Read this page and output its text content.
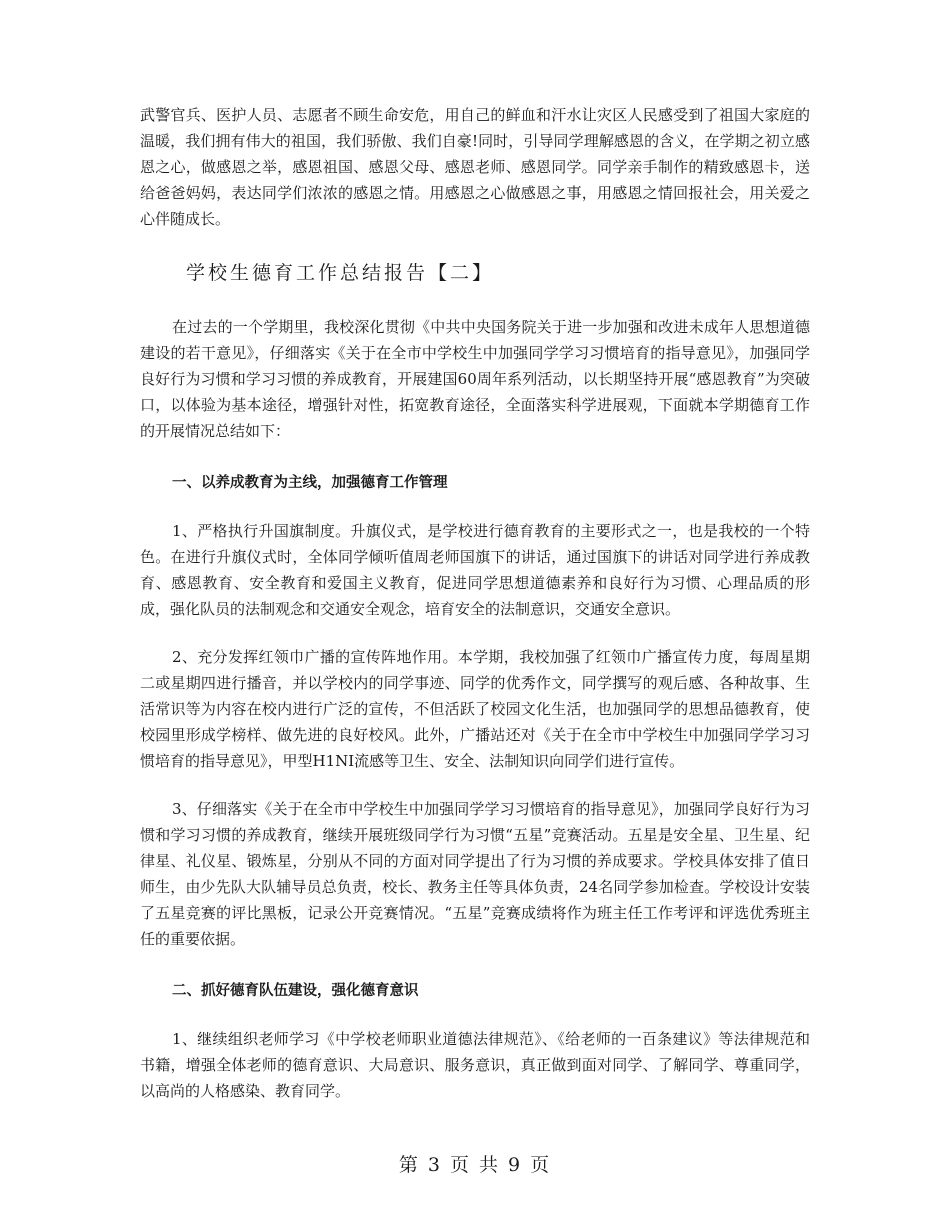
武警官兵、医护人员、志愿者不顾生命安危，用自己的鲜血和汗水让灾区人民感受到了祖国大家庭的温暖，我们拥有伟大的祖国，我们骄傲、我们自豪!同时，引导同学理解感恩的含义，在学期之初立感恩之心，做感恩之举，感恩祖国、感恩父母、感恩老师、感恩同学。同学亲手制作的精致感恩卡，送给爸爸妈妈，表达同学们浓浓的感恩之情。用感恩之心做感恩之事，用感恩之情回报社会，用关爱之心伴随成长。

学校生德育工作总结报告【二】

在过去的一个学期里，我校深化贯彻《中共中央国务院关于进一步加强和改进未成年人思想道德建设的若干意见》，仔细落实《关于在全市中学校生中加强同学学习习惯培育的指导意见》，加强同学良好行为习惯和学习习惯的养成教育，开展建国60周年系列活动，以长期坚持开展“感恩教育”为突破口，以体验为基本途径，增强针对性，拓宽教育途径，全面落实科学进展观，下面就本学期德育工作的开展情况总结如下：

一、以养成教育为主线，加强德育工作管理

1、严格执行升国旗制度。升旗仪式，是学校进行德育教育的主要形式之一，也是我校的一个特色。在进行升旗仪式时，全体同学倾听值周老师国旗下的讲话，通过国旗下的讲话对同学进行养成教育、感恩教育、安全教育和爱国主义教育，促进同学思想道德素养和良好行为习惯、心理品质的形成，强化队员的法制观念和交通安全观念，培育安全的法制意识，交通安全意识。

2、充分发挥红领巾广播的宣传阵地作用。本学期，我校加强了红领巾广播宣传力度，每周星期二或星期四进行播音，并以学校内的同学事迹、同学的优秀作文，同学撰写的观后感、各种故事、生活常识等为内容在校内进行广泛的宣传，不但活跃了校园文化生活，也加强同学的思想品德教育，使校园里形成学榜样、做先进的良好校风。此外，广播站还对《关于在全市中学校生中加强同学学习习惯培育的指导意见》，甲型H1NI流感等卫生、安全、法制知识向同学们进行宣传。

3、仔细落实《关于在全市中学校生中加强同学学习习惯培育的指导意见》，加强同学良好行为习惯和学习习惯的养成教育，继续开展班级同学行为习惯“五星”竞赛活动。五星是安全星、卫生星、纪律星、礼仪星、锻炼星，分别从不同的方面对同学提出了行为习惯的养成要求。学校具体安排了值日师生，由少先队大队辅导员总负责，校长、教务主任等具体负责，24名同学参加检查。学校设计安装了五星竞赛的评比黑板，记录公开竞赛情况。“五星”竞赛成绩将作为班主任工作考评和评选优秀班主任的重要依据。

二、抓好德育队伍建设，强化德育意识

1、继续组织老师学习《中学校老师职业道德法律规范》、《给老师的一百条建议》等法律规范和书籍，增强全体老师的德育意识、大局意识、服务意识，真正做到面对同学、了解同学、尊重同学，以高尚的人格感染、教育同学。

第 3 页 共 9 页
